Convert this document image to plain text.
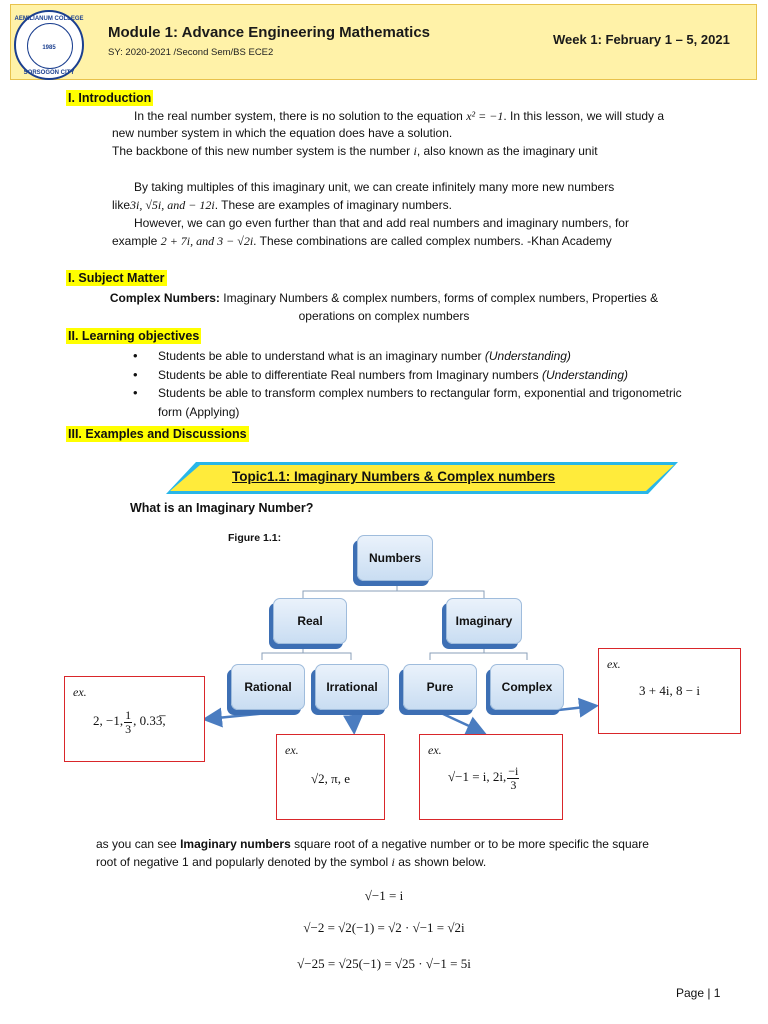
AEMILIANUM COLLEGE
1985
SORSOGON CITY
Module 1: Advance Engineering Mathematics
SY: 2020-2021 /Second Sem/BS ECE2
Week 1: February 1 – 5, 2021
I. Introduction
In the real number system, there is no solution to the equation x² = −1. In this lesson, we will study a
new number system in which the equation does have a solution.
The backbone of this new number system is the number i, also known as the imaginary unit
By taking multiples of this imaginary unit, we can create infinitely many more new numbers
like3i, √5i, and − 12i. These are examples of imaginary numbers.
However, we can go even further than that and add real numbers and imaginary numbers, for
example 2 + 7i, and 3 − √2i. These combinations are called complex numbers. -Khan Academy
I. Subject Matter
Complex Numbers: Imaginary Numbers & complex numbers, forms of complex numbers, Properties &
operations on complex numbers
II. Learning objectives
• Students be able to understand what is an imaginary number (Understanding)
• Students be able to differentiate Real numbers from Imaginary numbers (Understanding)
• Students be able to transform complex numbers to rectangular form, exponential and trigonometric
form (Applying)
III. Examples and Discussions
Topic1.1: Imaginary Numbers & Complex numbers
What is an Imaginary Number?
Figure 1.1:
Numbers
Real	Imaginary
Rational	Irrational	Pure	Complex
ex.
3 + 4i, 8 − i
ex.
2, −1, $\frac{1}{3}$ , 0.33̅,
ex.
√2, π, e
ex.
√−1 = i, 2i, $\frac{-i}{3}$
as you can see Imaginary numbers square root of a negative number or to be more specific the square
root of negative 1 and popularly denoted by the symbol i as shown below.
√−1 = i
√−2 = √2(−1) = √2 · √−1 = √2i
√−25 = √25(−1) = √25 · √−1 = 5i
Page | 1
